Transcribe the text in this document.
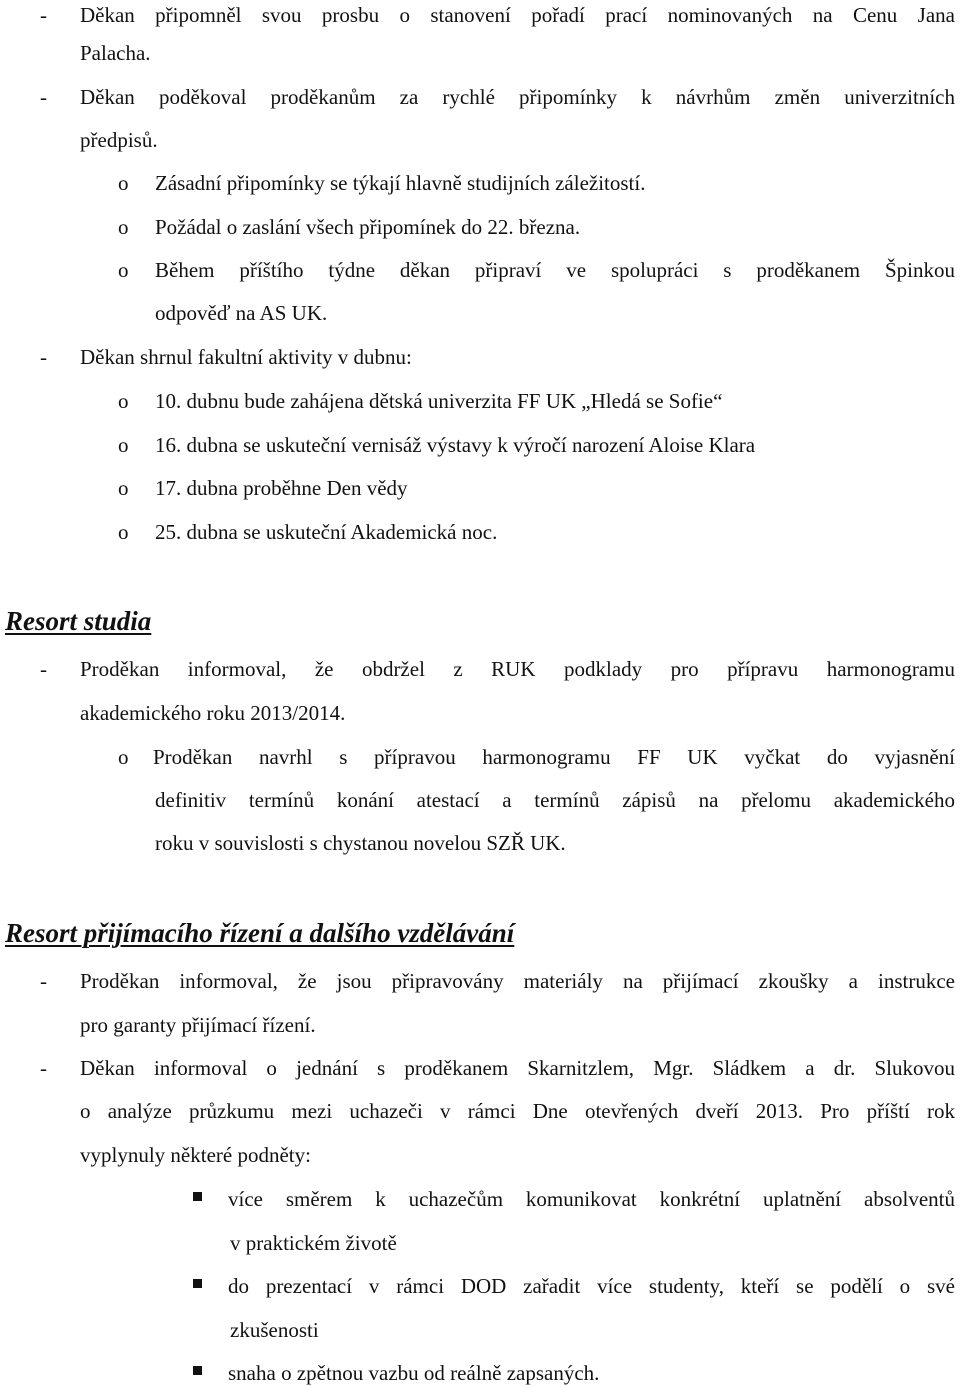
- Děkan připomněl svou prosbu o stanovení pořadí prací nominovaných na Cenu Jana
Palacha.
- Děkan poděkoval proděkanům za rychlé připomínky k návrhům změn univerzitních
předpisů.
o Zásadní připomínky se týkají hlavně studijních záležitostí.
o Požádal o zaslání všech připomínek do 22. března.
o Během příštího týdne děkan připraví ve spolupráci s proděkanem Špinkou
odpověď na AS UK.
- Děkan shrnul fakultní aktivity v dubnu:
o 10. dubnu bude zahájena dětská univerzita FF UK „Hledá se Sofie“
o 16. dubna se uskuteční vernisáž výstavy k výročí narození Aloise Klara
o 17. dubna proběhne Den vědy
o 25. dubna se uskuteční Akademická noc.
Resort studia
- Proděkan informoval, že obdržel z RUK podklady pro přípravu harmonogramu
akademického roku 2013/2014.
o Proděkan navrhl s přípravou harmonogramu FF UK vyčkat do vyjasnění
definitiv termínů konání atestací a termínů zápisů na přelomu akademického
roku v souvislosti s chystanou novelou SZŘ UK.
Resort přijímacího řízení a dalšího vzdělávání
- Proděkan informoval, že jsou připravovány materiály na přijímací zkoušky a instrukce
pro garanty přijímací řízení.
- Děkan informoval o jednání s proděkanem Skarnitzlem, Mgr. Sládkem a dr. Slukovou
o analýze průzkumu mezi uchazeči v rámci Dne otevřených dveří 2013. Pro příští rok
vyplynuly některé podněty:
více směrem k uchazečům komunikovat konkrétní uplatnění absolventů
v praktickém životě
do prezentací v rámci DOD zařadit více studenty, kteří se podělí o své
zkušenosti
snaha o zpětnou vazbu od reálně zapsaných.
